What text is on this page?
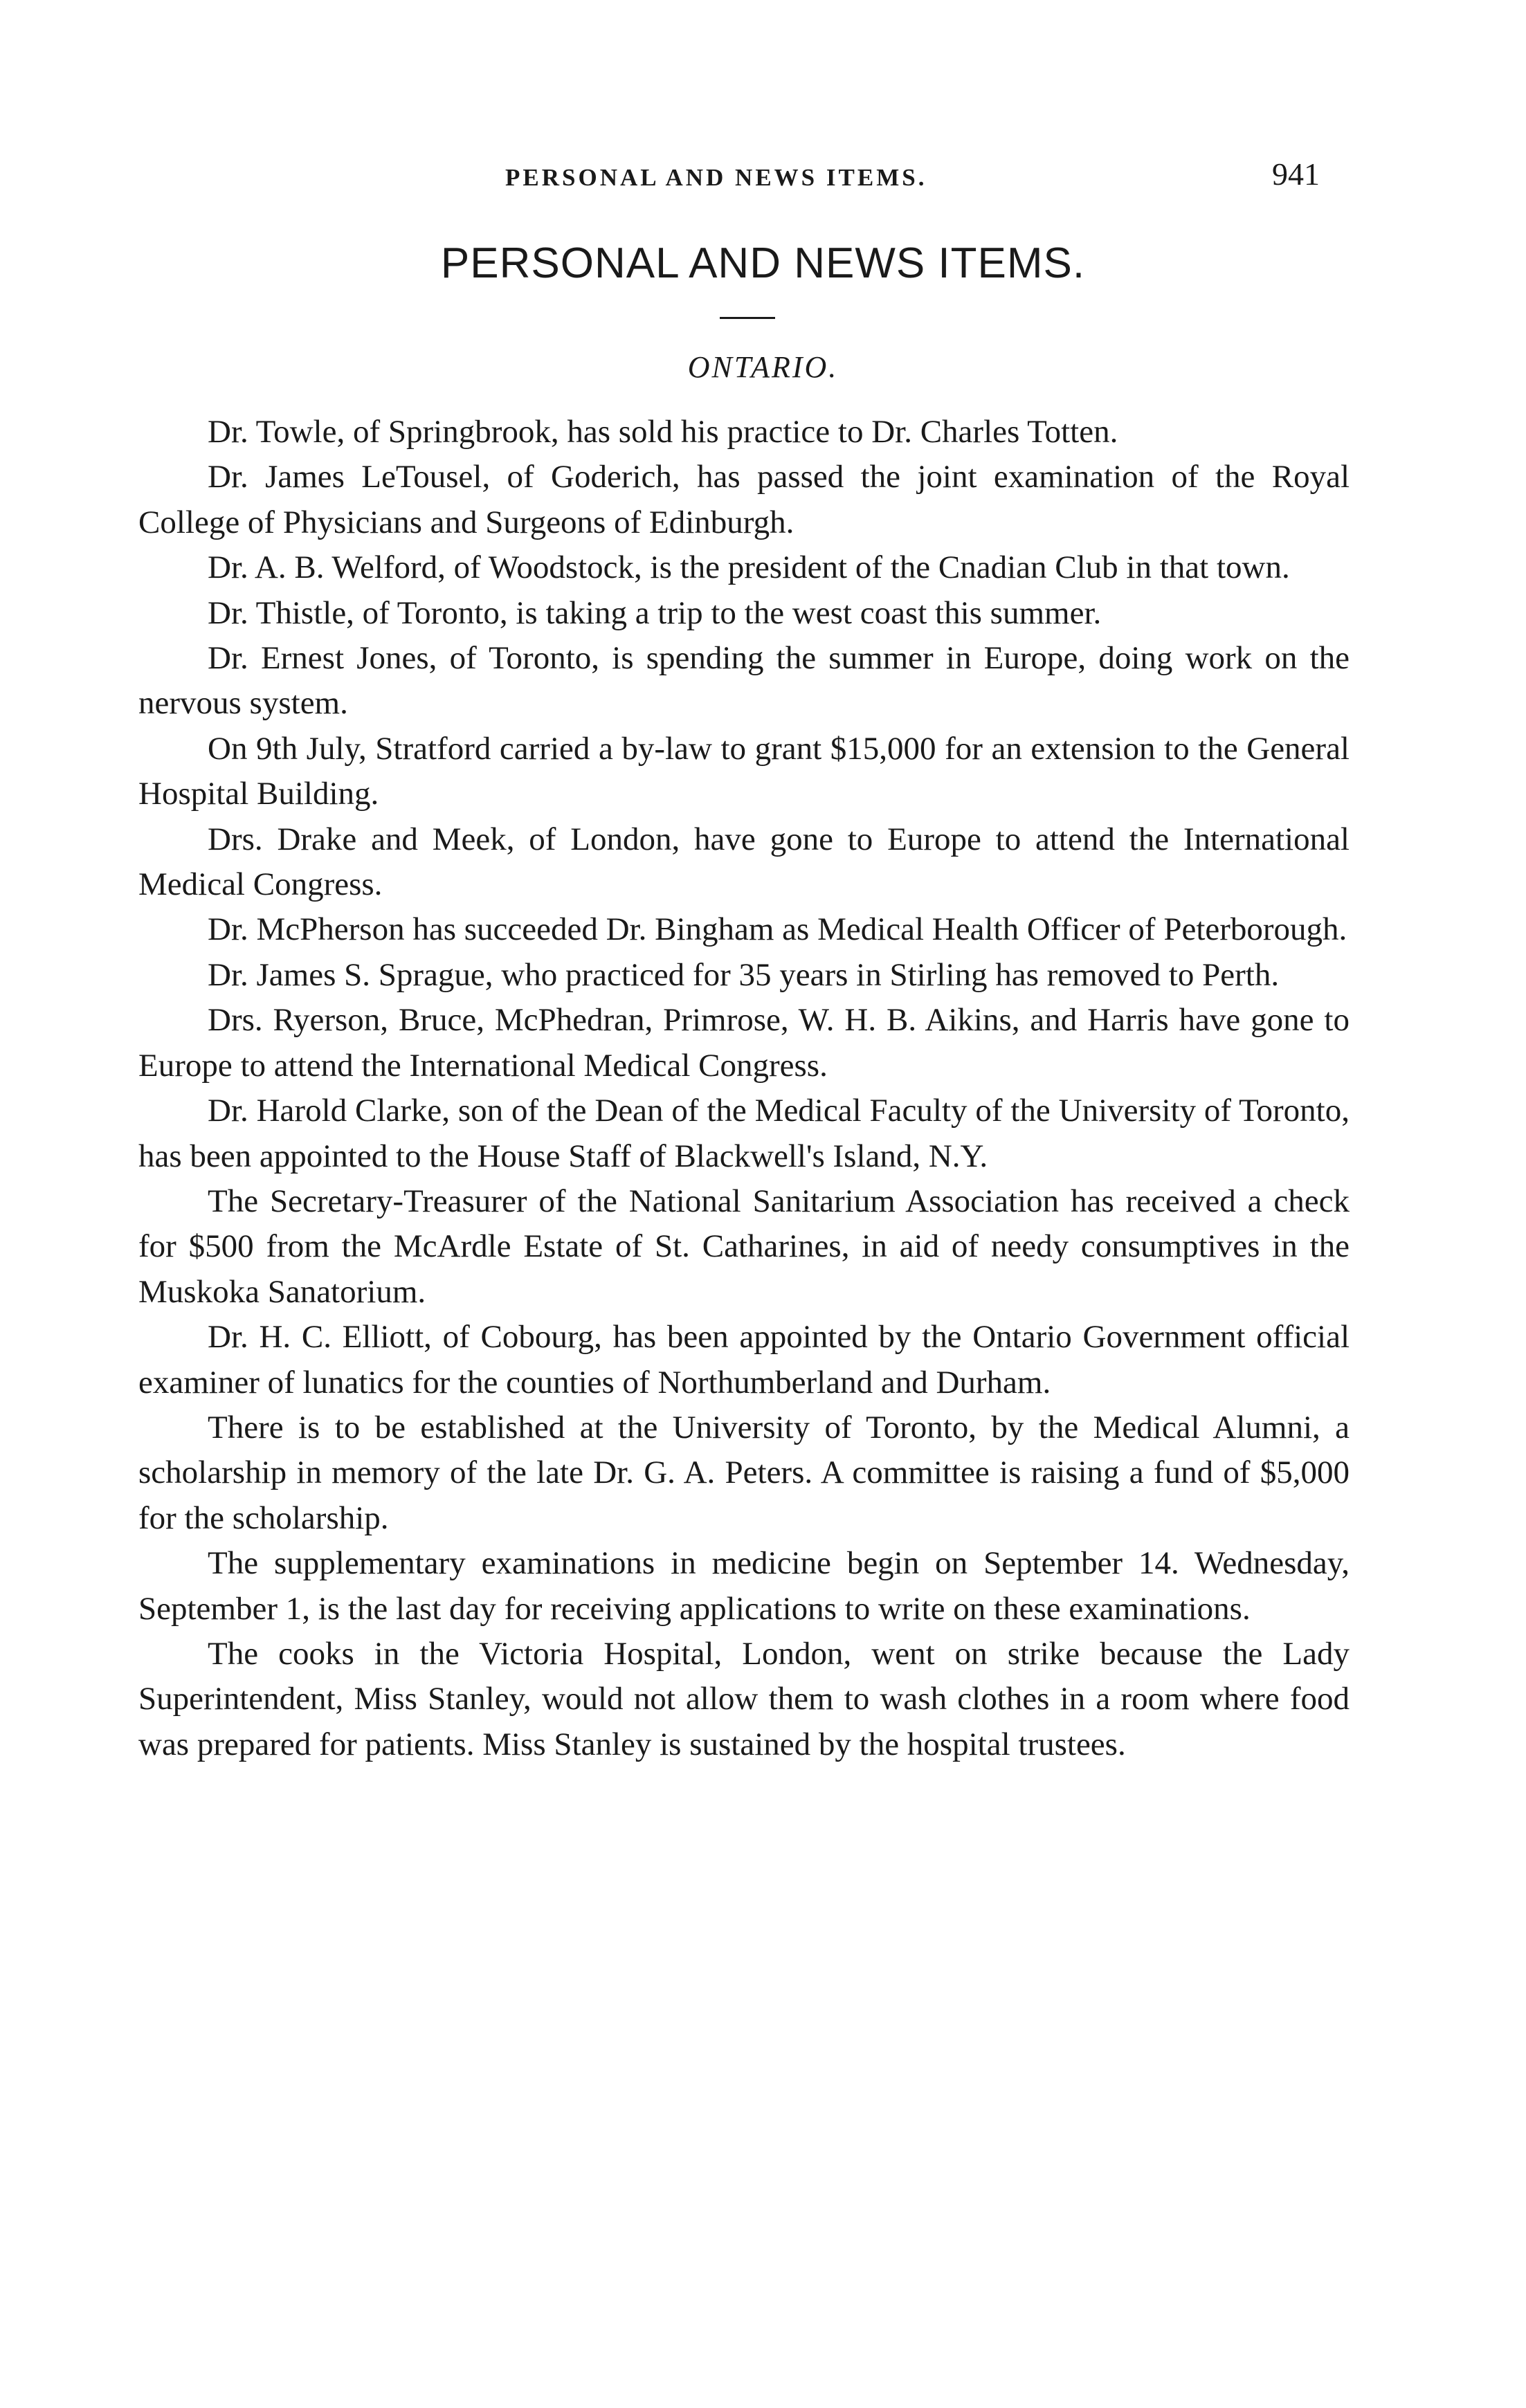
PERSONAL AND NEWS ITEMS.	941
PERSONAL AND NEWS ITEMS.
ONTARIO.

Dr. Towle, of Springbrook, has sold his practice to Dr. Charles Totten.

Dr. James LeTousel, of Goderich, has passed the joint examination of the Royal College of Physicians and Surgeons of Edinburgh.

Dr. A. B. Welford, of Woodstock, is the president of the Cnadian Club in that town.

Dr. Thistle, of Toronto, is taking a trip to the west coast this summer.

Dr. Ernest Jones, of Toronto, is spending the summer in Europe, doing work on the nervous system.

On 9th July, Stratford carried a by-law to grant $15,000 for an extension to the General Hospital Building.

Drs. Drake and Meek, of London, have gone to Europe to attend the International Medical Congress.

Dr. McPherson has succeeded Dr. Bingham as Medical Health Officer of Peterborough.

Dr. James S. Sprague, who practiced for 35 years in Stirling has removed to Perth.

Drs. Ryerson, Bruce, McPhedran, Primrose, W. H. B. Aikins, and Harris have gone to Europe to attend the International Medical Congress.

Dr. Harold Clarke, son of the Dean of the Medical Faculty of the University of Toronto, has been appointed to the House Staff of Blackwell's Island, N.Y.

The Secretary-Treasurer of the National Sanitarium Association has received a check for $500 from the McArdle Estate of St. Catharines, in aid of needy consumptives in the Muskoka Sanatorium.

Dr. H. C. Elliott, of Cobourg, has been appointed by the Ontario Government official examiner of lunatics for the counties of Northumberland and Durham.

There is to be established at the University of Toronto, by the Medical Alumni, a scholarship in memory of the late Dr. G. A. Peters. A committee is raising a fund of $5,000 for the scholarship.

The supplementary examinations in medicine begin on September 14. Wednesday, September 1, is the last day for receiving applications to write on these examinations.

The cooks in the Victoria Hospital, London, went on strike because the Lady Superintendent, Miss Stanley, would not allow them to wash clothes in a room where food was prepared for patients. Miss Stanley is sustained by the hospital trustees.
